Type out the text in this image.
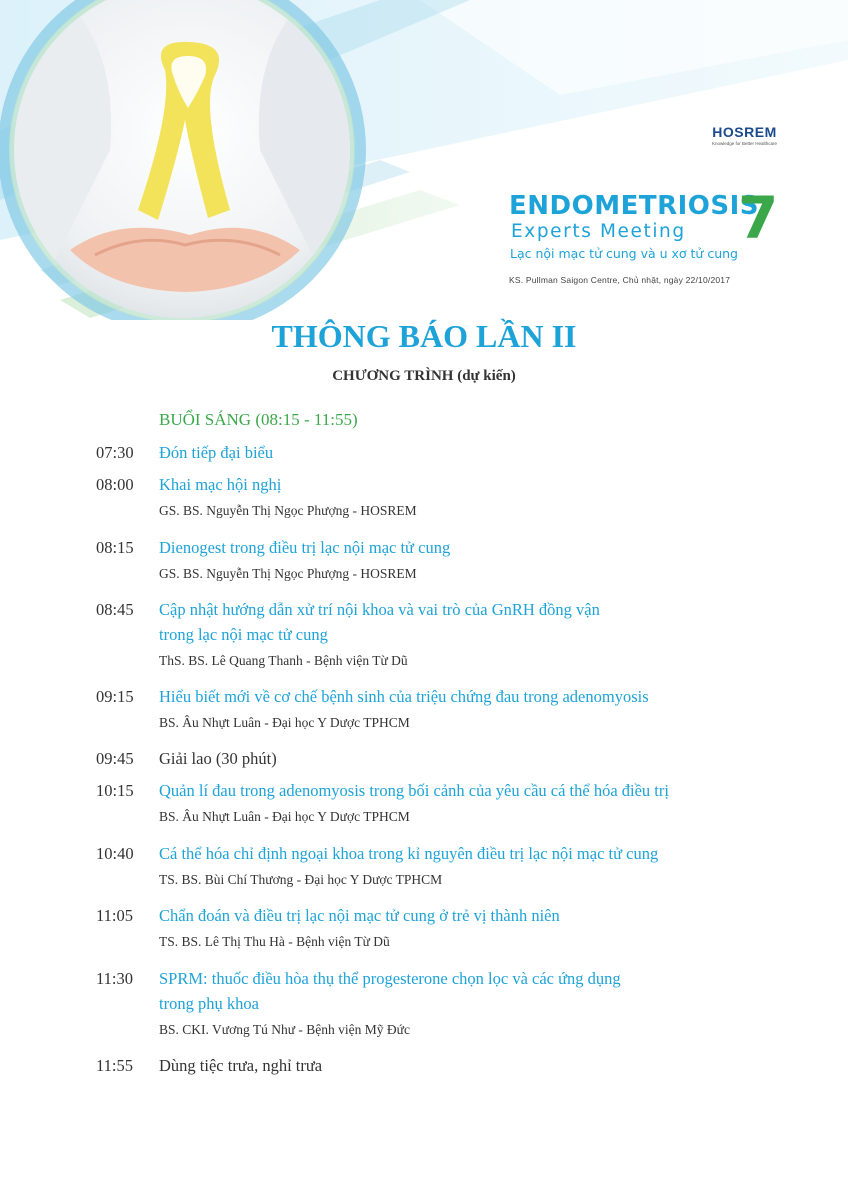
HOSREM
Knowledge for Better Healthcare
ENDOMETRIOSIS
Experts Meeting 7
Lạc nội mạc tử cung và u xơ tử cung
KS. Pullman Saigon Centre, Chủ nhật, ngày 22/10/2017
THÔNG BÁO LẦN II
CHƯƠNG TRÌNH (dự kiến)
BUỔI SÁNG (08:15 - 11:55)
07:30 Đón tiếp đại biểu
08:00 Khai mạc hội nghị
GS. BS. Nguyễn Thị Ngọc Phượng - HOSREM
08:15 Dienogest trong điều trị lạc nội mạc tử cung
GS. BS. Nguyễn Thị Ngọc Phượng - HOSREM
08:45 Cập nhật hướng dẫn xử trí nội khoa và vai trò của GnRH đồng vận
trong lạc nội mạc tử cung
ThS. BS. Lê Quang Thanh - Bệnh viện Từ Dũ
09:15 Hiểu biết mới về cơ chế bệnh sinh của triệu chứng đau trong adenomyosis
BS. Âu Nhựt Luân - Đại học Y Dược TPHCM
09:45 Giải lao (30 phút)
10:15 Quản lí đau trong adenomyosis trong bối cảnh của yêu cầu cá thể hóa điều trị
BS. Âu Nhựt Luân - Đại học Y Dược TPHCM
10:40 Cá thể hóa chỉ định ngoại khoa trong kỉ nguyên điều trị lạc nội mạc tử cung
TS. BS. Bùi Chí Thương - Đại học Y Dược TPHCM
11:05 Chẩn đoán và điều trị lạc nội mạc tử cung ở trẻ vị thành niên
TS. BS. Lê Thị Thu Hà - Bệnh viện Từ Dũ
11:30 SPRM: thuốc điều hòa thụ thể progesterone chọn lọc và các ứng dụng
trong phụ khoa
BS. CKI. Vương Tú Như - Bệnh viện Mỹ Đức
11:55 Dùng tiệc trưa, nghỉ trưa
